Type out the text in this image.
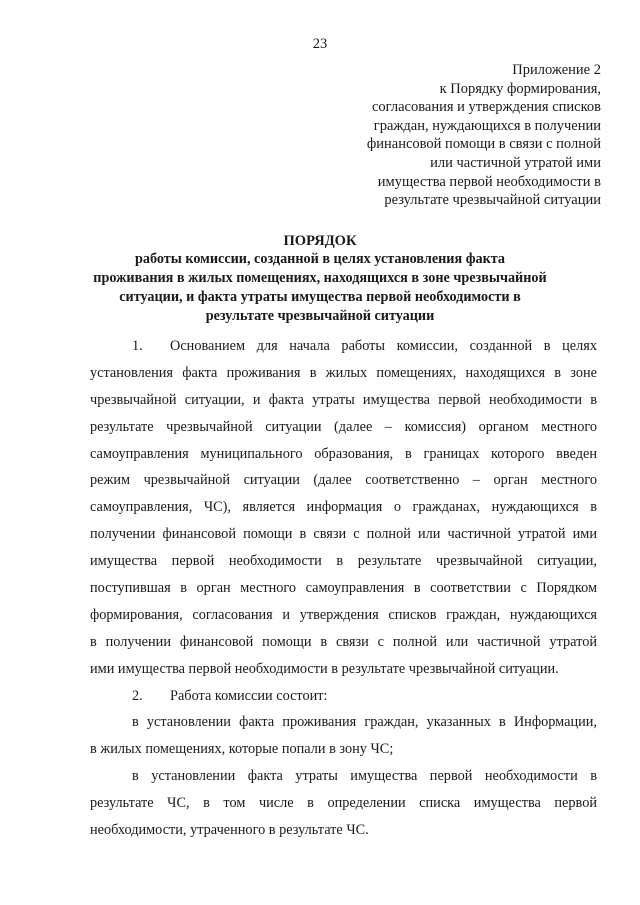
23
Приложение 2
к Порядку формирования,
согласования и утверждения списков
граждан, нуждающихся в получении
финансовой помощи в связи с полной
или частичной утратой ими
имущества первой необходимости в
результате чрезвычайной ситуации
ПОРЯДОК
работы комиссии, созданной в целях установления факта
проживания в жилых помещениях, находящихся в зоне чрезвычайной
ситуации, и факта утраты имущества первой необходимости в
результате чрезвычайной ситуации
1.	Основанием для начала работы комиссии, созданной в целях
установления факта проживания в жилых помещениях, находящихся в зоне
чрезвычайной ситуации, и факта утраты имущества первой необходимости в
результате чрезвычайной ситуации (далее – комиссия) органом местного
самоуправления муниципального образования, в границах которого введен
режим чрезвычайной ситуации (далее соответственно – орган местного
самоуправления, ЧС), является информация о гражданах, нуждающихся в
получении финансовой помощи в связи с полной или частичной утратой ими
имущества первой необходимости в результате чрезвычайной ситуации,
поступившая в орган местного самоуправления в соответствии с Порядком
формирования, согласования и утверждения списков граждан, нуждающихся
в получении финансовой помощи в связи с полной или частичной утратой
ими имущества первой необходимости в результате чрезвычайной ситуации.
2.	Работа комиссии состоит:
в установлении факта проживания граждан, указанных в Информации,
в жилых помещениях, которые попали в зону ЧС;
в установлении факта утраты имущества первой необходимости в
результате ЧС, в том числе в определении списка имущества первой
необходимости, утраченного в результате ЧС.
